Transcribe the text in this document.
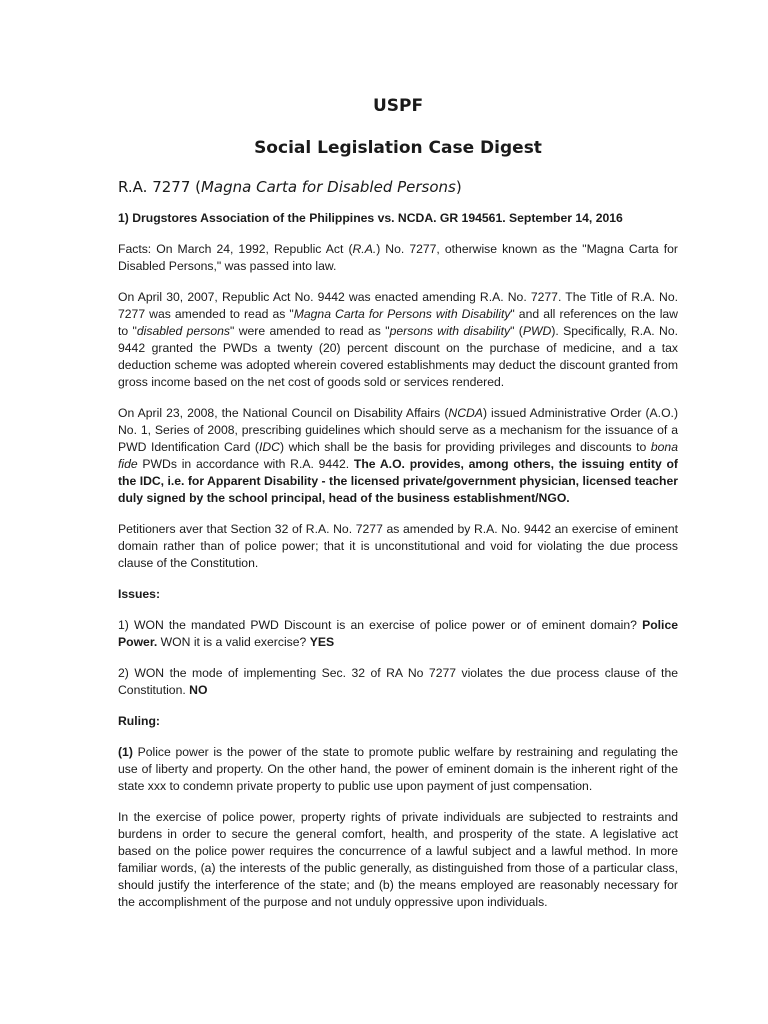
USPF
Social Legislation Case Digest
R.A. 7277 (Magna Carta for Disabled Persons)

1) Drugstores Association of the Philippines vs. NCDA. GR 194561. September 14, 2016

Facts: On March 24, 1992, Republic Act (R.A.) No. 7277, otherwise known as the "Magna Carta for Disabled Persons," was passed into law.

On April 30, 2007, Republic Act No. 9442 was enacted amending R.A. No. 7277. The Title of R.A. No. 7277 was amended to read as "Magna Carta for Persons with Disability" and all references on the law to "disabled persons" were amended to read as "persons with disability" (PWD). Specifically, R.A. No. 9442 granted the PWDs a twenty (20) percent discount on the purchase of medicine, and a tax deduction scheme was adopted wherein covered establishments may deduct the discount granted from gross income based on the net cost of goods sold or services rendered.

On April 23, 2008, the National Council on Disability Affairs (NCDA) issued Administrative Order (A.O.) No. 1, Series of 2008, prescribing guidelines which should serve as a mechanism for the issuance of a PWD Identification Card (IDC) which shall be the basis for providing privileges and discounts to bona fide PWDs in accordance with R.A. 9442. The A.O. provides, among others, the issuing entity of the IDC, i.e. for Apparent Disability - the licensed private/government physician, licensed teacher duly signed by the school principal, head of the business establishment/NGO.

Petitioners aver that Section 32 of R.A. No. 7277 as amended by R.A. No. 9442 an exercise of eminent domain rather than of police power; that it is unconstitutional and void for violating the due process clause of the Constitution.

Issues:

1) WON the mandated PWD Discount is an exercise of police power or of eminent domain? Police Power. WON it is a valid exercise? YES

2) WON the mode of implementing Sec. 32 of RA No 7277 violates the due process clause of the Constitution. NO

Ruling:

(1) Police power is the power of the state to promote public welfare by restraining and regulating the use of liberty and property. On the other hand, the power of eminent domain is the inherent right of the state xxx to condemn private property to public use upon payment of just compensation.

In the exercise of police power, property rights of private individuals are subjected to restraints and burdens in order to secure the general comfort, health, and prosperity of the state. A legislative act based on the police power requires the concurrence of a lawful subject and a lawful method. In more familiar words, (a) the interests of the public generally, as distinguished from those of a particular class, should justify the interference of the state; and (b) the means employed are reasonably necessary for the accomplishment of the purpose and not unduly oppressive upon individuals.
